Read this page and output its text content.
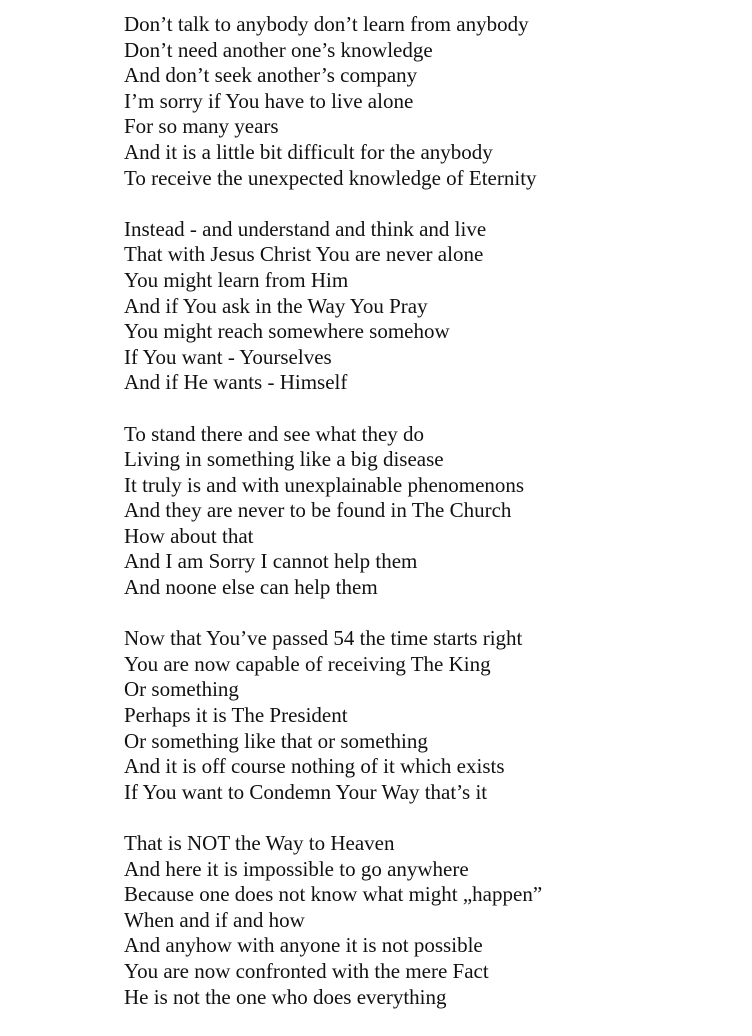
Don’t talk to anybody don’t learn from anybody
Don’t need another one’s knowledge
And don’t seek another’s company
I’m sorry if You have to live alone
For so many years
And it is a little bit difficult for the anybody
To receive the unexpected knowledge of Eternity
Instead - and understand and think and live
That with Jesus Christ You are never alone
You might learn from Him
And if You ask in the Way You Pray
You might reach somewhere somehow
If You want - Yourselves
And if He wants - Himself
To stand there and see what they do
Living in something like a big disease
It truly is and with unexplainable phenomenons
And they are never to be found in The Church
How about that
And I am Sorry I cannot help them
And noone else can help them
Now that You’ve passed 54 the time starts right
You are now capable of receiving The King
Or something
Perhaps it is The President
Or something like that or something
And it is off course nothing of it which exists
If You want to Condemn Your Way that’s it
That is NOT the Way to Heaven
And here it is impossible to go anywhere
Because one does not know what might „happen”
When and if and how
And anyhow with anyone it is not possible
You are now confronted with the mere Fact
He is not the one who does everything
